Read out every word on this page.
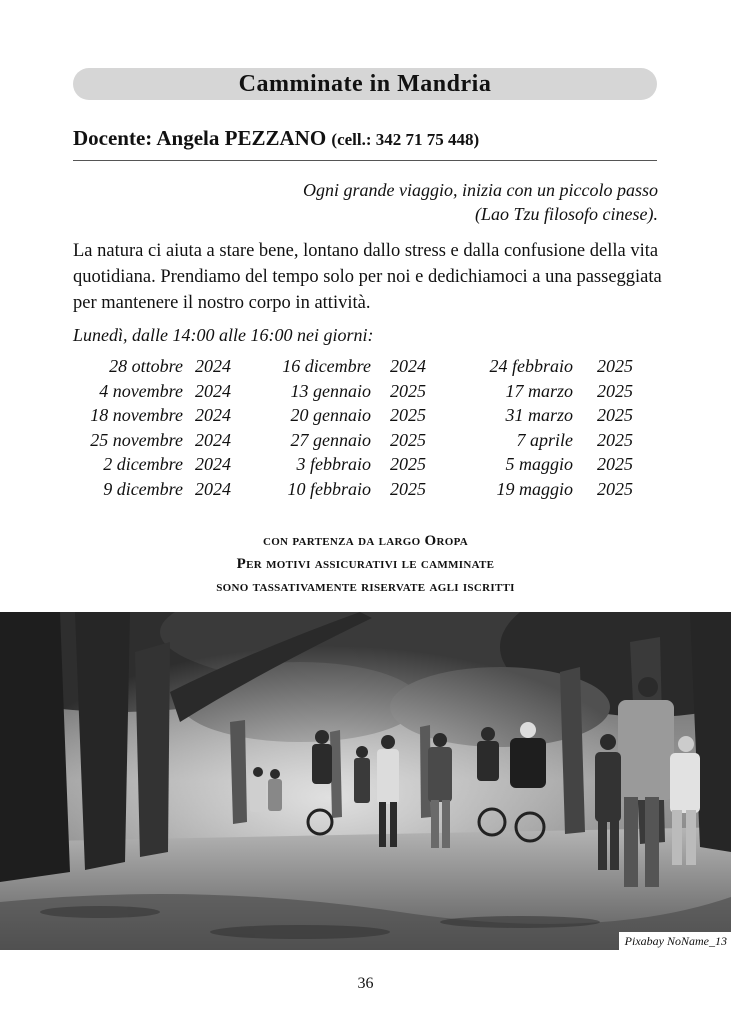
Camminate in Mandria
Docente: Angela PEZZANO (cell.: 342 71 75 448)
Ogni grande viaggio, inizia con un piccolo passo
(Lao Tzu filosofo cinese).
La natura ci aiuta a stare bene, lontano dallo stress e dalla confusione della vita quotidiana. Prendiamo del tempo solo per noi e dedichiamoci a una passeggiata per mantenere il nostro corpo in attività.
Lunedì, dalle 14:00 alle 16:00 nei giorni:
28 ottobre 2024
4 novembre 2024
18 novembre 2024
25 novembre 2024
2 dicembre 2024
9 dicembre 2024
16 dicembre 2024
13 gennaio 2025
20 gennaio 2025
27 gennaio 2025
3 febbraio 2025
10 febbraio 2025
24 febbraio 2025
17 marzo 2025
31 marzo 2025
7 aprile 2025
5 maggio 2025
19 maggio 2025
con partenza da largo Oropa
Per motivi assicurativi le camminate
sono tassativamente riservate agli iscritti
Pixabay NoName_13
36
